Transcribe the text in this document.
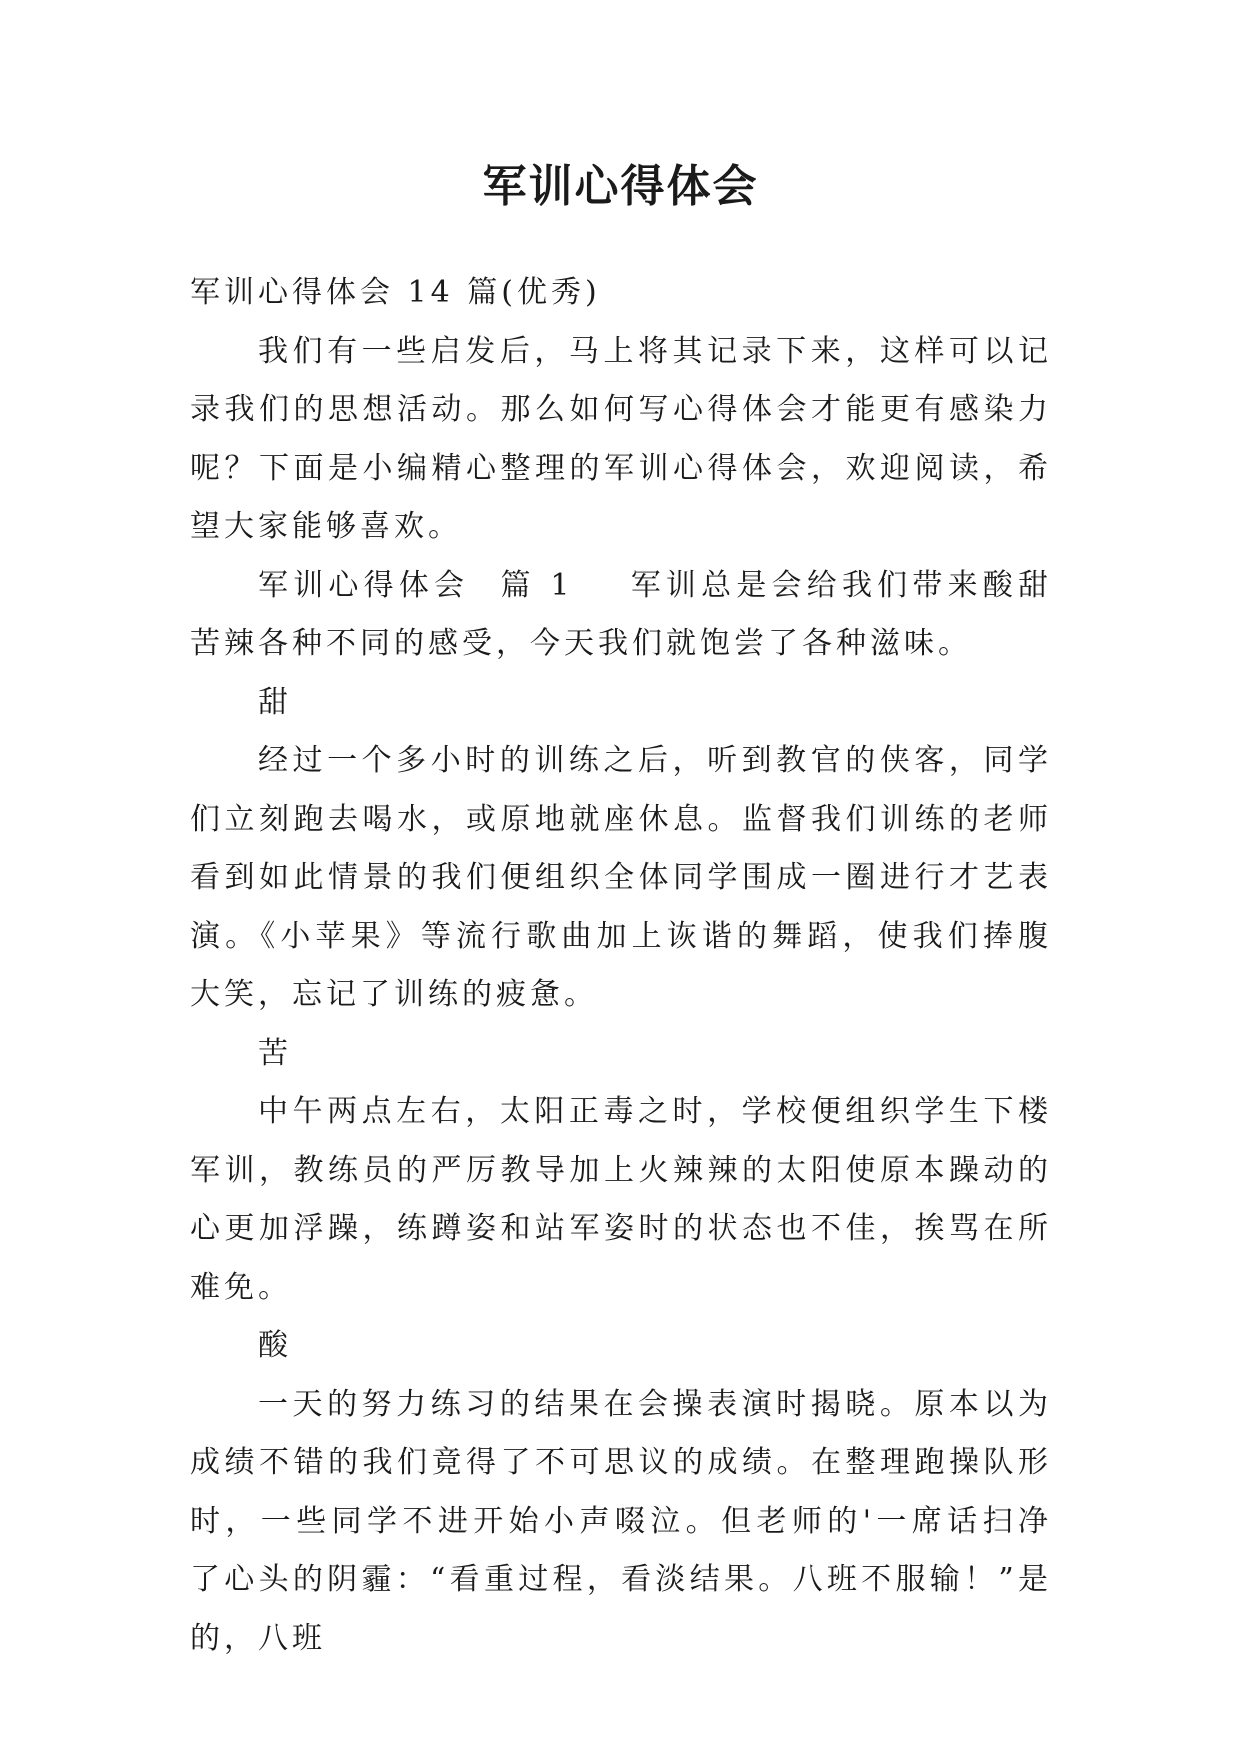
军训心得体会

军训心得体会 14 篇(优秀)

我们有一些启发后，马上将其记录下来，这样可以记录我们的思想活动。那么如何写心得体会才能更有感染力呢？下面是小编精心整理的军训心得体会，欢迎阅读，希望大家能够喜欢。

军训心得体会 篇 1 军训总是会给我们带来酸甜苦辣各种不同的感受，今天我们就饱尝了各种滋味。

甜

经过一个多小时的训练之后，听到教官的侠客，同学们立刻跑去喝水，或原地就座休息。监督我们训练的老师看到如此情景的我们便组织全体同学围成一圈进行才艺表演。《小苹果》等流行歌曲加上诙谐的舞蹈，使我们捧腹大笑，忘记了训练的疲惫。

苦

中午两点左右，太阳正毒之时，学校便组织学生下楼军训，教练员的严厉教导加上火辣辣的太阳使原本躁动的心更加浮躁，练蹲姿和站军姿时的状态也不佳，挨骂在所难免。

酸

一天的努力练习的结果在会操表演时揭晓。原本以为成绩不错的我们竟得了不可思议的成绩。在整理跑操队形时，一些同学不进开始小声啜泣。但老师的'一席话扫净了心头的阴霾：“看重过程，看淡结果。八班不服输！”是的，八班
